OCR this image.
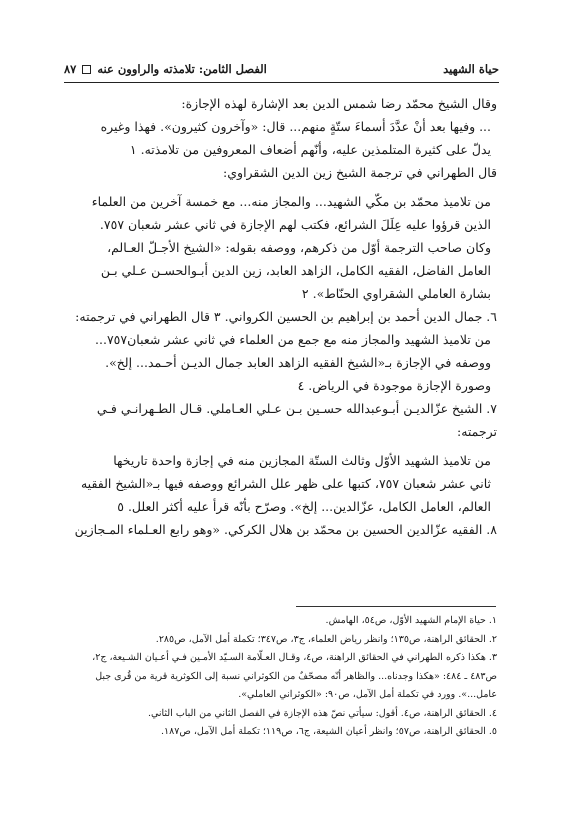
حياة الشهيد
الفصل الثامن: تلامذته والراوون عنه
٨٧

وقال الشيخ محمّد رضا شمس الدين بعد الإشارة لهذه الإجازة:

... وفيها بعد أنْ عدَّدَ أسماءَ ستّةٍ منهم... قال: «وآخرون كثيرون». فهذا وغيره

يدلّ على كثيرة المتلمذين عليه، وأنّهم أضعاف المعروفين من تلامذته. ١

قال الطهراني في ترجمة الشيخ زين الدين الشقراوي:

من تلاميذ محمّد بن مكّي الشهيد... والمجاز منه... مع خمسة آخرين من العلماء

الذين قرؤوا عليه عِلَلَ الشرائع، فكتب لهم الإجازة في ثاني عشر شعبان ٧٥٧.

وكان صاحب الترجمة أوّل من ذكرهم، ووصفه بقوله: «الشيخ الأجـلّ العـالم،

العامل الفاضل، الفقيه الكامل، الزاهد العابد، زين الدين أبـوالحسـن عـلي بـن

بشارة العاملي الشقراوي الحنّاط». ٢

٦. جمال الدين أحمد بن إبراهيم بن الحسين الكرواني. ٣ قال الطهراني في ترجمته:

من تلاميذ الشهيد والمجاز منه مع جمع من العلماء في ثاني عشر شعبان٧٥٧...

ووصفه في الإجازة بـ«الشيخ الفقيه الزاهد العابد جمال الديـن أحـمد... إلخ».

وصورة الإجازة موجودة في الرياض. ٤

٧. الشيخ عزّالديـن أبـوعبدالله حسـين بـن عـلي العـاملي. قـال الطـهرانـي فـي

ترجمته:

من تلاميذ الشهيد الأوّل وثالث الستّة المجازين منه في إجازة واحدة تاريخها

ثاني عشر شعبان ٧٥٧، كتبها على ظهر علل الشرائع ووصفه فيها بـ«الشيخ الفقيه

العالم، العامل الكامل، عزّالدين... إلخ». وصرّح بأنّه قرأ عليه أكثر العلل. ٥

٨. الفقيه عزّالدين الحسين بن محمّد بن هلال الكركي. «وهو رابع العـلماء المـجازين

١. حياة الإمام الشهيد الأوّل، ص٥٤، الهامش.

٢. الحقائق الراهنة، ص١٣٥؛ وانظر رياض العلماء، ج٣، ص٣٤٧؛ تكملة أمل الآمل، ص٢٨٥.

٣. هكذا ذكره الطهراني في الحقائق الراهنة، ص٤، وقـال العـلّامة السـيّد الأمـين فـي أعـيان الشـيعة، ج٢،

ص٤٨٣ ـ ٤٨٤: «هكذا وجدناه... والظاهر أنّه مصحّفٌ من الكوثراني نسبة إلى الكوثرية قرية من قُرى جبل

عامل...». وورد في تكملة أمل الآمل، ص٩٠: «الكوثراني العاملي».

٤. الحقائق الراهنة، ص٤. أقول: سيأتي نصّ هذه الإجازة في الفصل الثاني من الباب الثاني.

٥. الحقائق الراهنة، ص٥٧؛ وانظر أعيان الشيعة، ج٦، ص١١٩؛ تكملة أمل الآمل، ص١٨٧.
